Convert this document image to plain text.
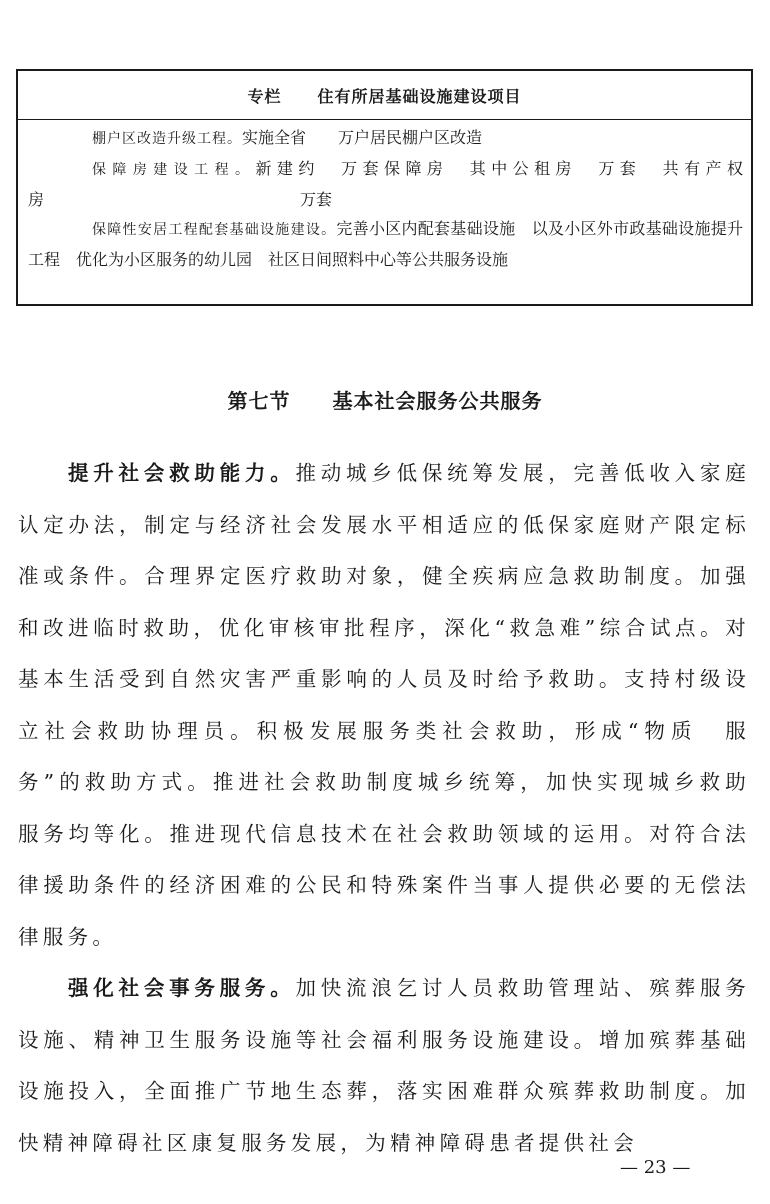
专栏 住有所居基础设施建设项目

棚户区改造升级工程。实施全省   万户居民棚户区改造

保障房建设工程。新建约  万套保障房  其中公租房  万套  共有产权房                	万套

保障性安居工程配套基础设施建设。完善小区内配套基础设施  以及小区外市政基础设施提升工程  优化为小区服务的幼儿园  社区日间照料中心等公共服务设施

第七节 基本社会服务公共服务

提升社会救助能力。推动城乡低保统筹发展，完善低收入家庭认定办法，制定与经济社会发展水平相适应的低保家庭财产限定标准或条件。合理界定医疗救助对象，健全疾病应急救助制度。加强和改进临时救助，优化审核审批程序，深化“救急难”综合试点。对基本生活受到自然灾害严重影响的人员及时给予救助。支持村级设立社会救助协理员。积极发展服务类社会救助，形成“物质 服务”的救助方式。推进社会救助制度城乡统筹，加快实现城乡救助服务均等化。推进现代信息技术在社会救助领域的运用。对符合法律援助条件的经济困难的公民和特殊案件当事人提供必要的无偿法律服务。

强化社会事务服务。加快流浪乞讨人员救助管理站、殡葬服务设施、精神卫生服务设施等社会福利服务设施建设。增加殡葬基础设施投入，全面推广节地生态葬，落实困难群众殡葬救助制度。加快精神障碍社区康复服务发展，为精神障碍患者提供社会

— 23 —
